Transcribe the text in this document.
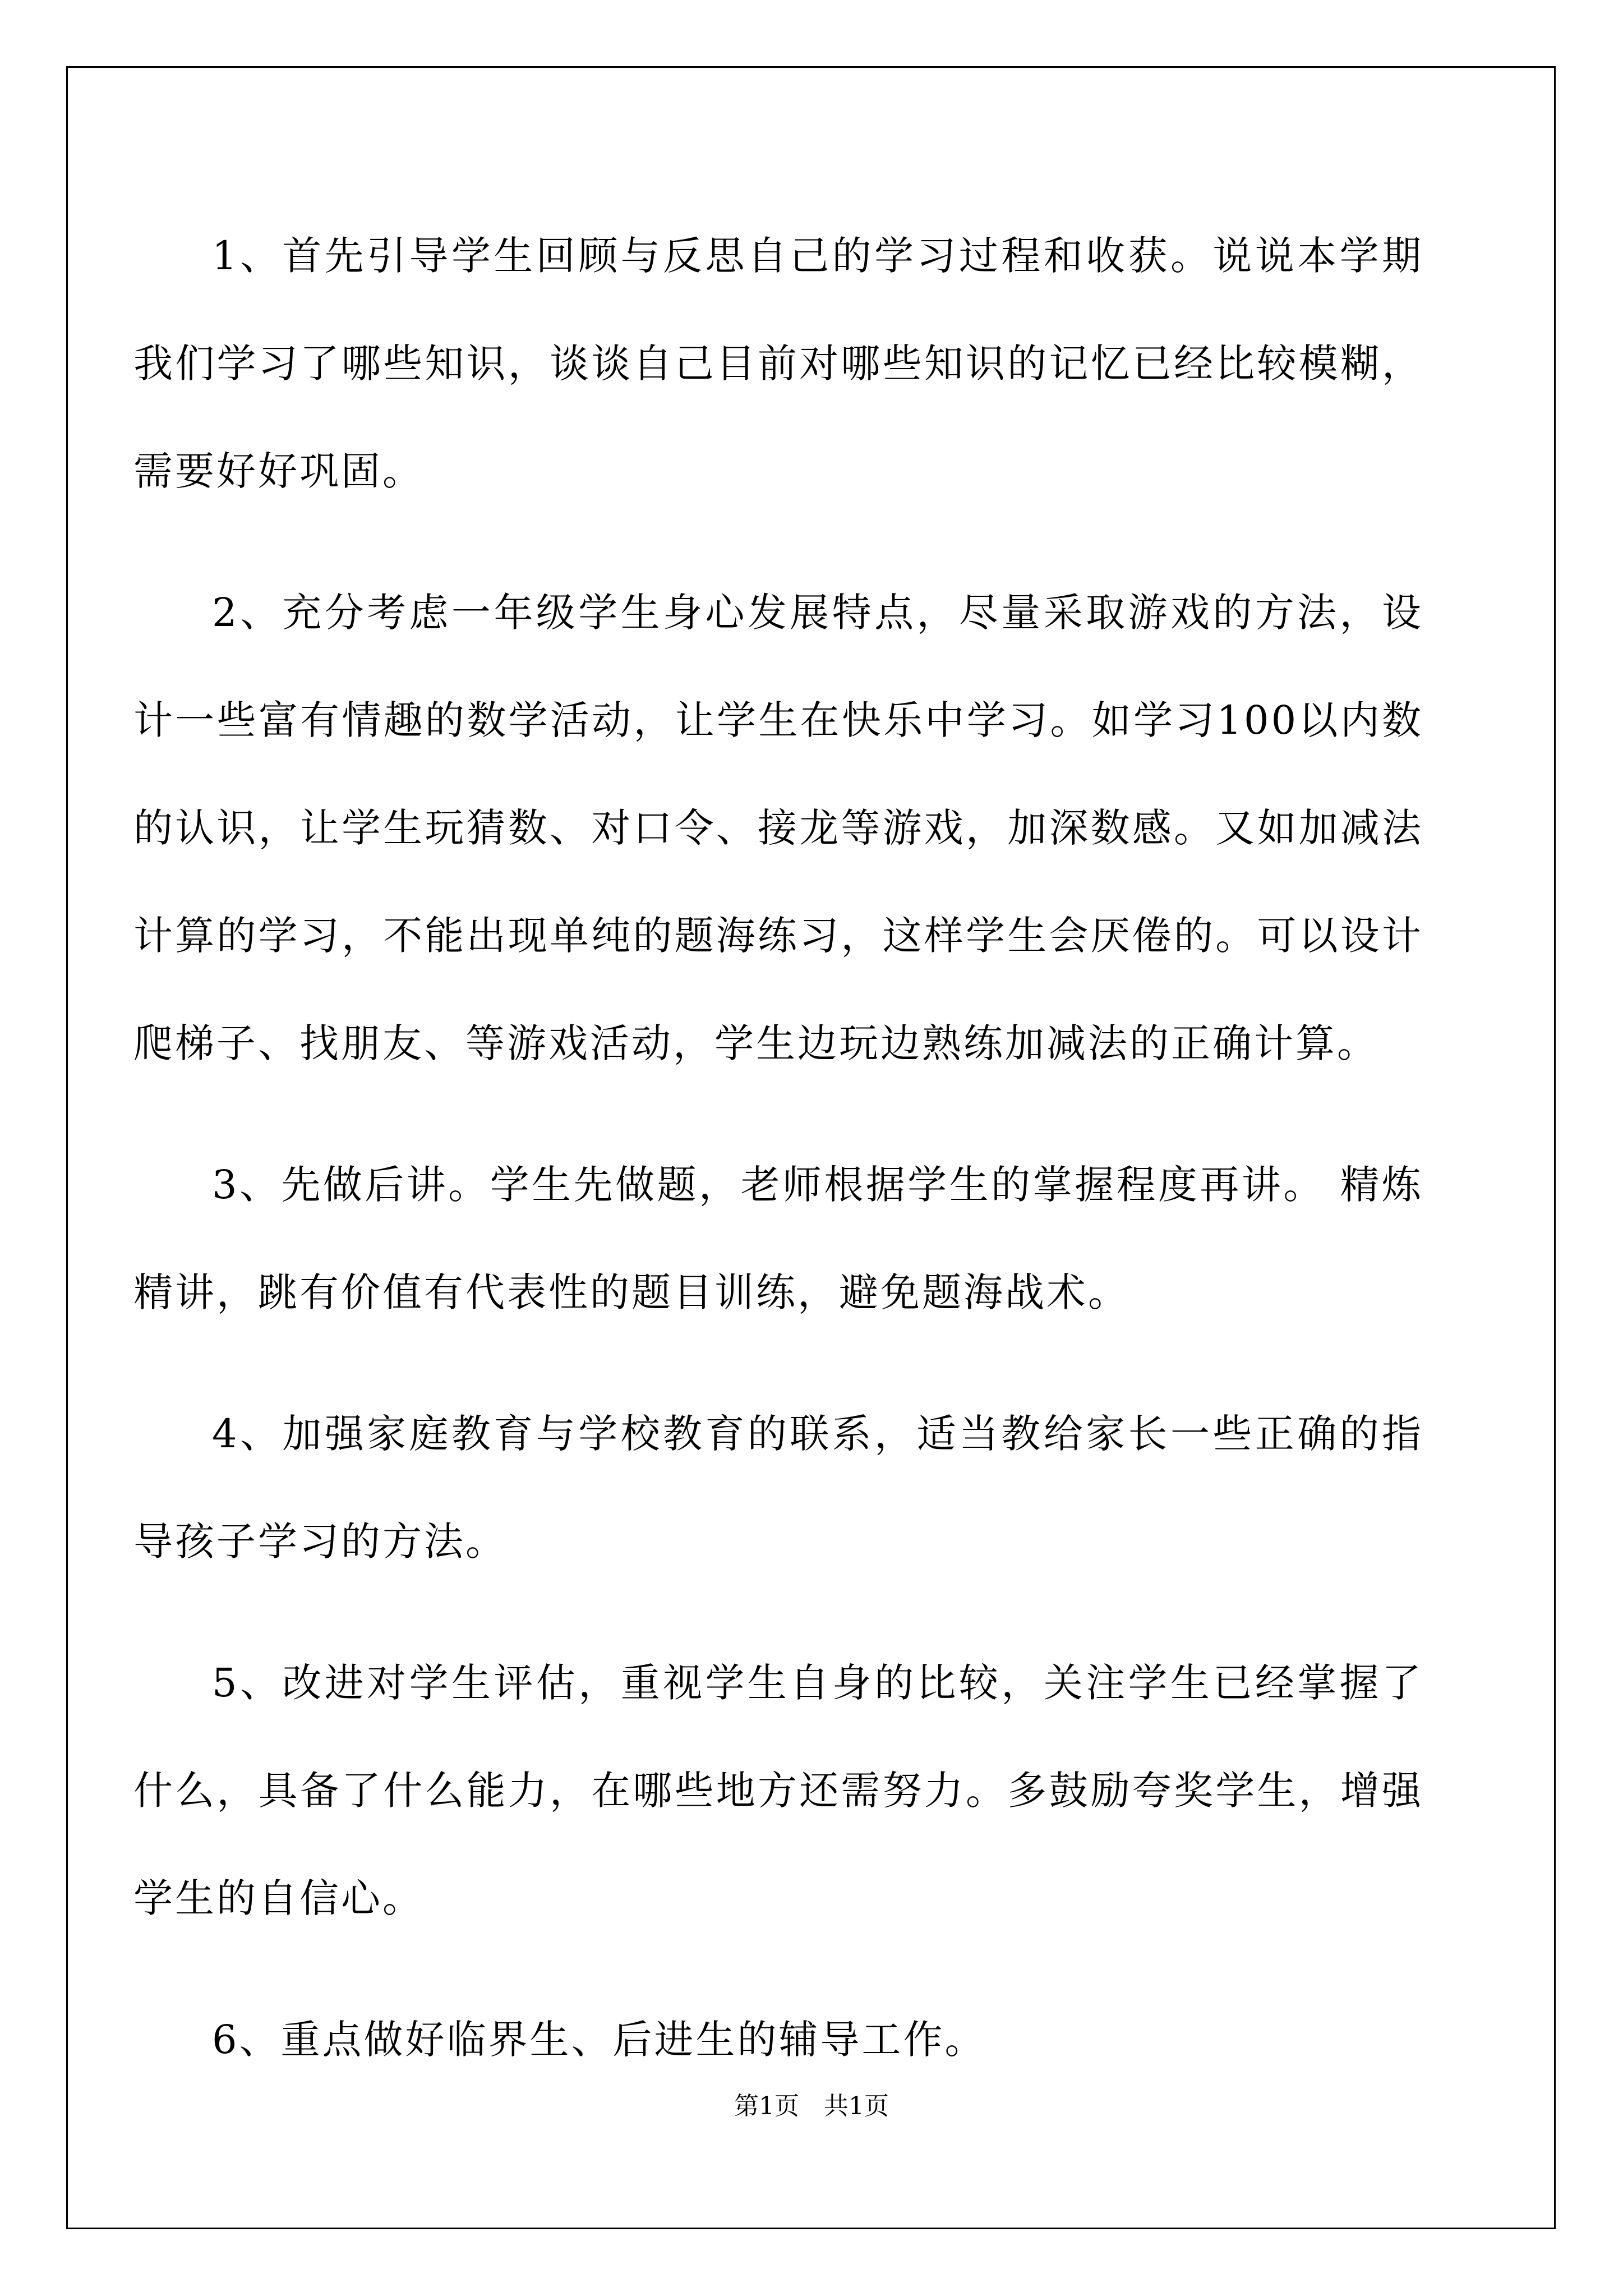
1、首先引导学生回顾与反思自己的学习过程和收获。说说本学期我们学习了哪些知识，谈谈自己目前对哪些知识的记忆已经比较模糊，需要好好巩固。

2、充分考虑一年级学生身心发展特点，尽量采取游戏的方法，设计一些富有情趣的数学活动，让学生在快乐中学习。如学习100以内数的认识，让学生玩猜数、对口令、接龙等游戏，加深数感。又如加减法计算的学习，不能出现单纯的题海练习，这样学生会厌倦的。可以设计爬梯子、找朋友、等游戏活动，学生边玩边熟练加减法的正确计算。

3、先做后讲。学生先做题，老师根据学生的掌握程度再讲。 精炼精讲，跳有价值有代表性的题目训练，避免题海战术。

4、加强家庭教育与学校教育的联系，适当教给家长一些正确的指导孩子学习的方法。

5、改进对学生评估，重视学生自身的比较，关注学生已经掌握了什么，具备了什么能力，在哪些地方还需努力。多鼓励夸奖学生，增强学生的自信心。

6、重点做好临界生、后进生的辅导工作。

第1页　共1页
